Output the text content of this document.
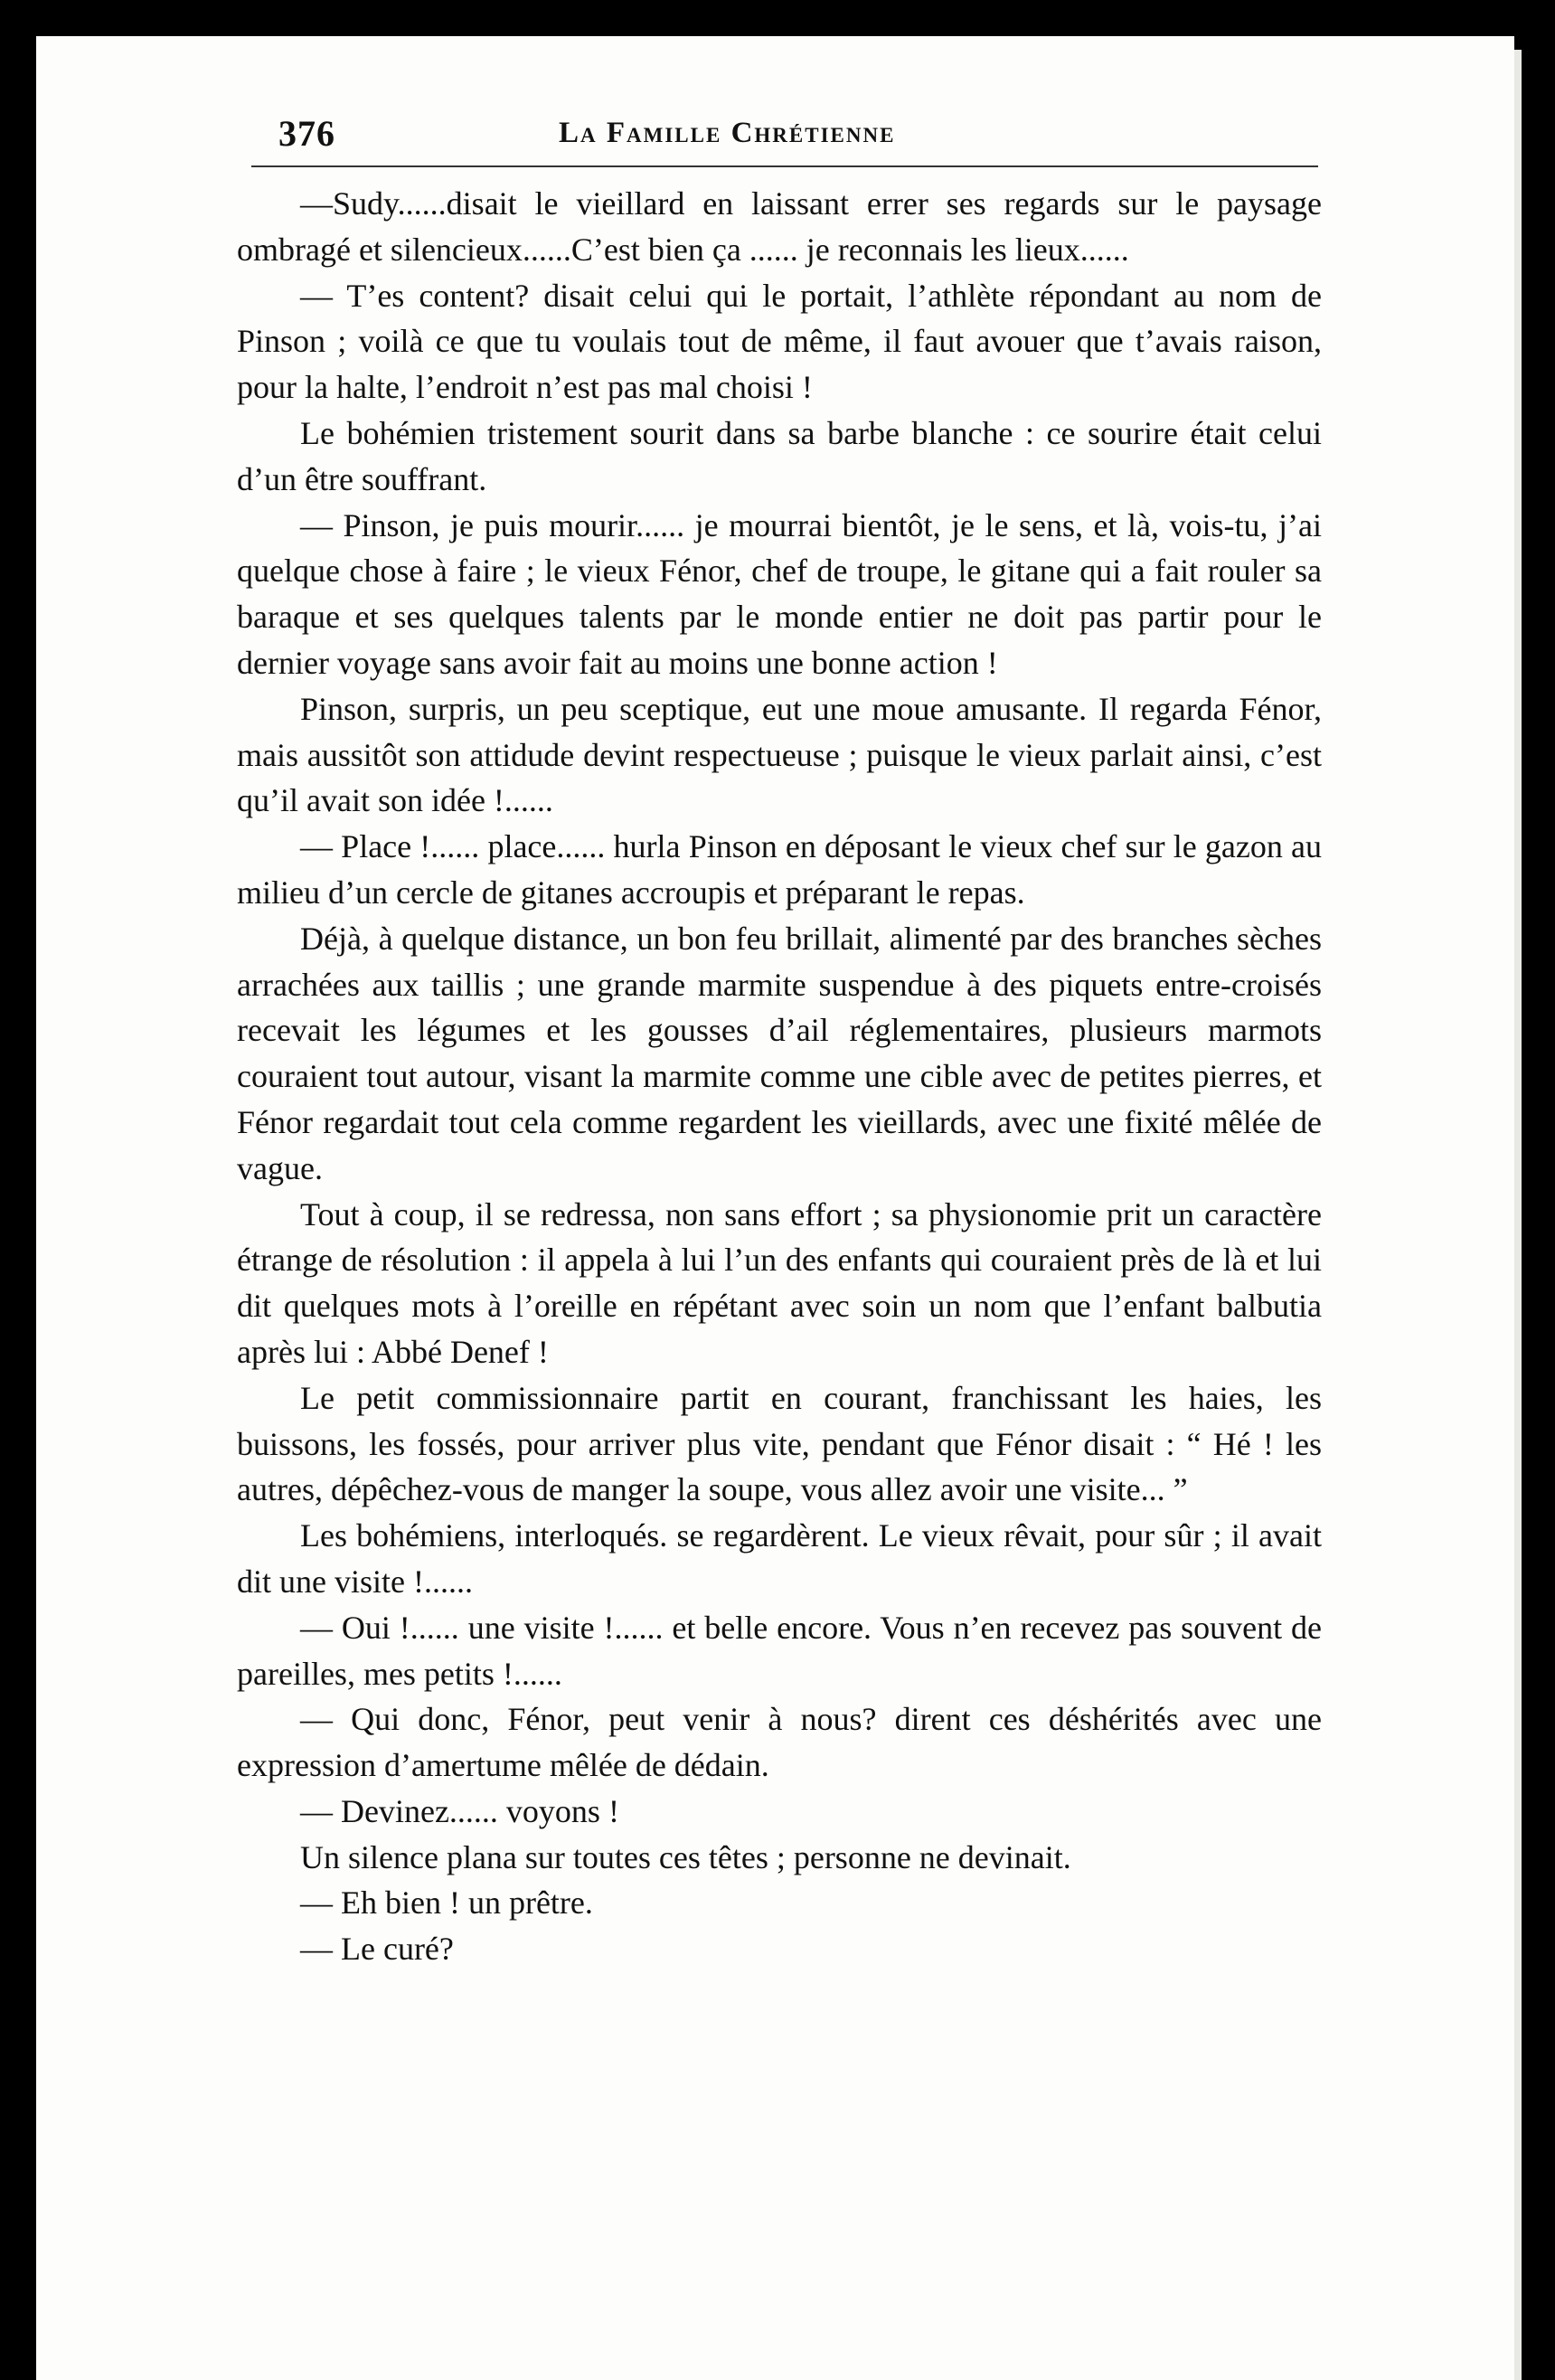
376	La Famille Chrétienne

—Sudy......disait le vieillard en laissant errer ses regards sur le paysage ombragé et silencieux......C’est bien ça ...... je reconnais les lieux......

— T’es content? disait celui qui le portait, l’athlète répondant au nom de Pinson ; voilà ce que tu voulais tout de même, il faut avouer que t’avais raison, pour la halte, l’endroit n’est pas mal choisi !

Le bohémien tristement sourit dans sa barbe blanche : ce sourire était celui d’un être souffrant.

— Pinson, je puis mourir...... je mourrai bientôt, je le sens, et là, vois-tu, j’ai quelque chose à faire ; le vieux Fénor, chef de troupe, le gitane qui a fait rouler sa baraque et ses quelques talents par le monde entier ne doit pas partir pour le dernier voyage sans avoir fait au moins une bonne action !

Pinson, surpris, un peu sceptique, eut une moue amusante. Il regarda Fénor, mais aussitôt son attidude devint respectueuse ; puisque le vieux parlait ainsi, c’est qu’il avait son idée !......

— Place !...... place...... hurla Pinson en déposant le vieux chef sur le gazon au milieu d’un cercle de gitanes accroupis et préparant le repas.

Déjà, à quelque distance, un bon feu brillait, alimenté par des branches sèches arrachées aux taillis ; une grande marmite suspendue à des piquets entre-croisés recevait les légumes et les gousses d’ail réglementaires, plusieurs marmots couraient tout autour, visant la marmite comme une cible avec de petites pierres, et Fénor regardait tout cela comme regardent les vieillards, avec une fixité mêlée de vague.

Tout à coup, il se redressa, non sans effort ; sa physionomie prit un caractère étrange de résolution : il appela à lui l’un des enfants qui couraient près de là et lui dit quelques mots à l’oreille en répétant avec soin un nom que l’enfant balbutia après lui : Abbé Denef !

Le petit commissionnaire partit en courant, franchissant les haies, les buissons, les fossés, pour arriver plus vite, pendant que Fénor disait : “ Hé ! les autres, dépêchez-vous de manger la soupe, vous allez avoir une visite... ”

Les bohémiens, interloqués. se regardèrent. Le vieux rêvait, pour sûr ; il avait dit une visite !......

— Oui !...... une visite !...... et belle encore. Vous n’en recevez pas souvent de pareilles, mes petits !......

— Qui donc, Fénor, peut venir à nous? dirent ces déshérités avec une expression d’amertume mêlée de dédain.

— Devinez...... voyons !

Un silence plana sur toutes ces têtes ; personne ne devinait.

— Eh bien ! un prêtre.

— Le curé?
